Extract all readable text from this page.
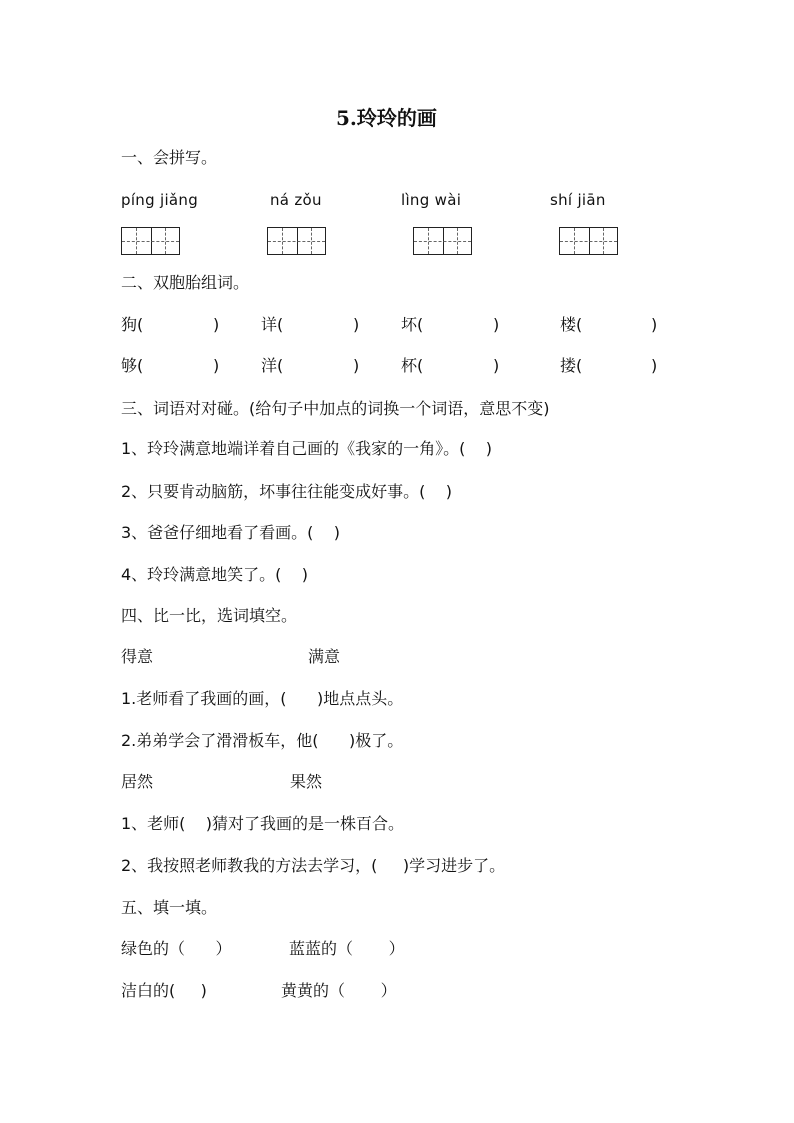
5.玲玲的画
一、会拼写。
píng jiǎng	ná zǒu	lìng wài	shí jiān
二、双胞胎组词。
狗(	)	详(	)	坏(	)	楼(	)
够(	)	洋(	)	杯(	)	搂(	)
三、词语对对碰。(给句子中加点的词换一个词语，意思不变)
1、玲玲满意地端详着自己画的《我家的一角》。(    )
2、只要肯动脑筋，坏事往往能变成好事。(    )
3、爸爸仔细地看了看画。(    )
4、玲玲满意地笑了。(    )
四、比一比，选词填空。
得意	满意
1.老师看了我画的画，(      )地点点头。
2.弟弟学会了滑滑板车，他(      )极了。
居然	果然
1、老师(    )猜对了我画的是一株百合。
2、我按照老师教我的方法去学习，(     )学习进步了。
五、填一填。
绿色的（      ）	蓝蓝的（       ）
洁白的(     )	黄黄的（       ）
